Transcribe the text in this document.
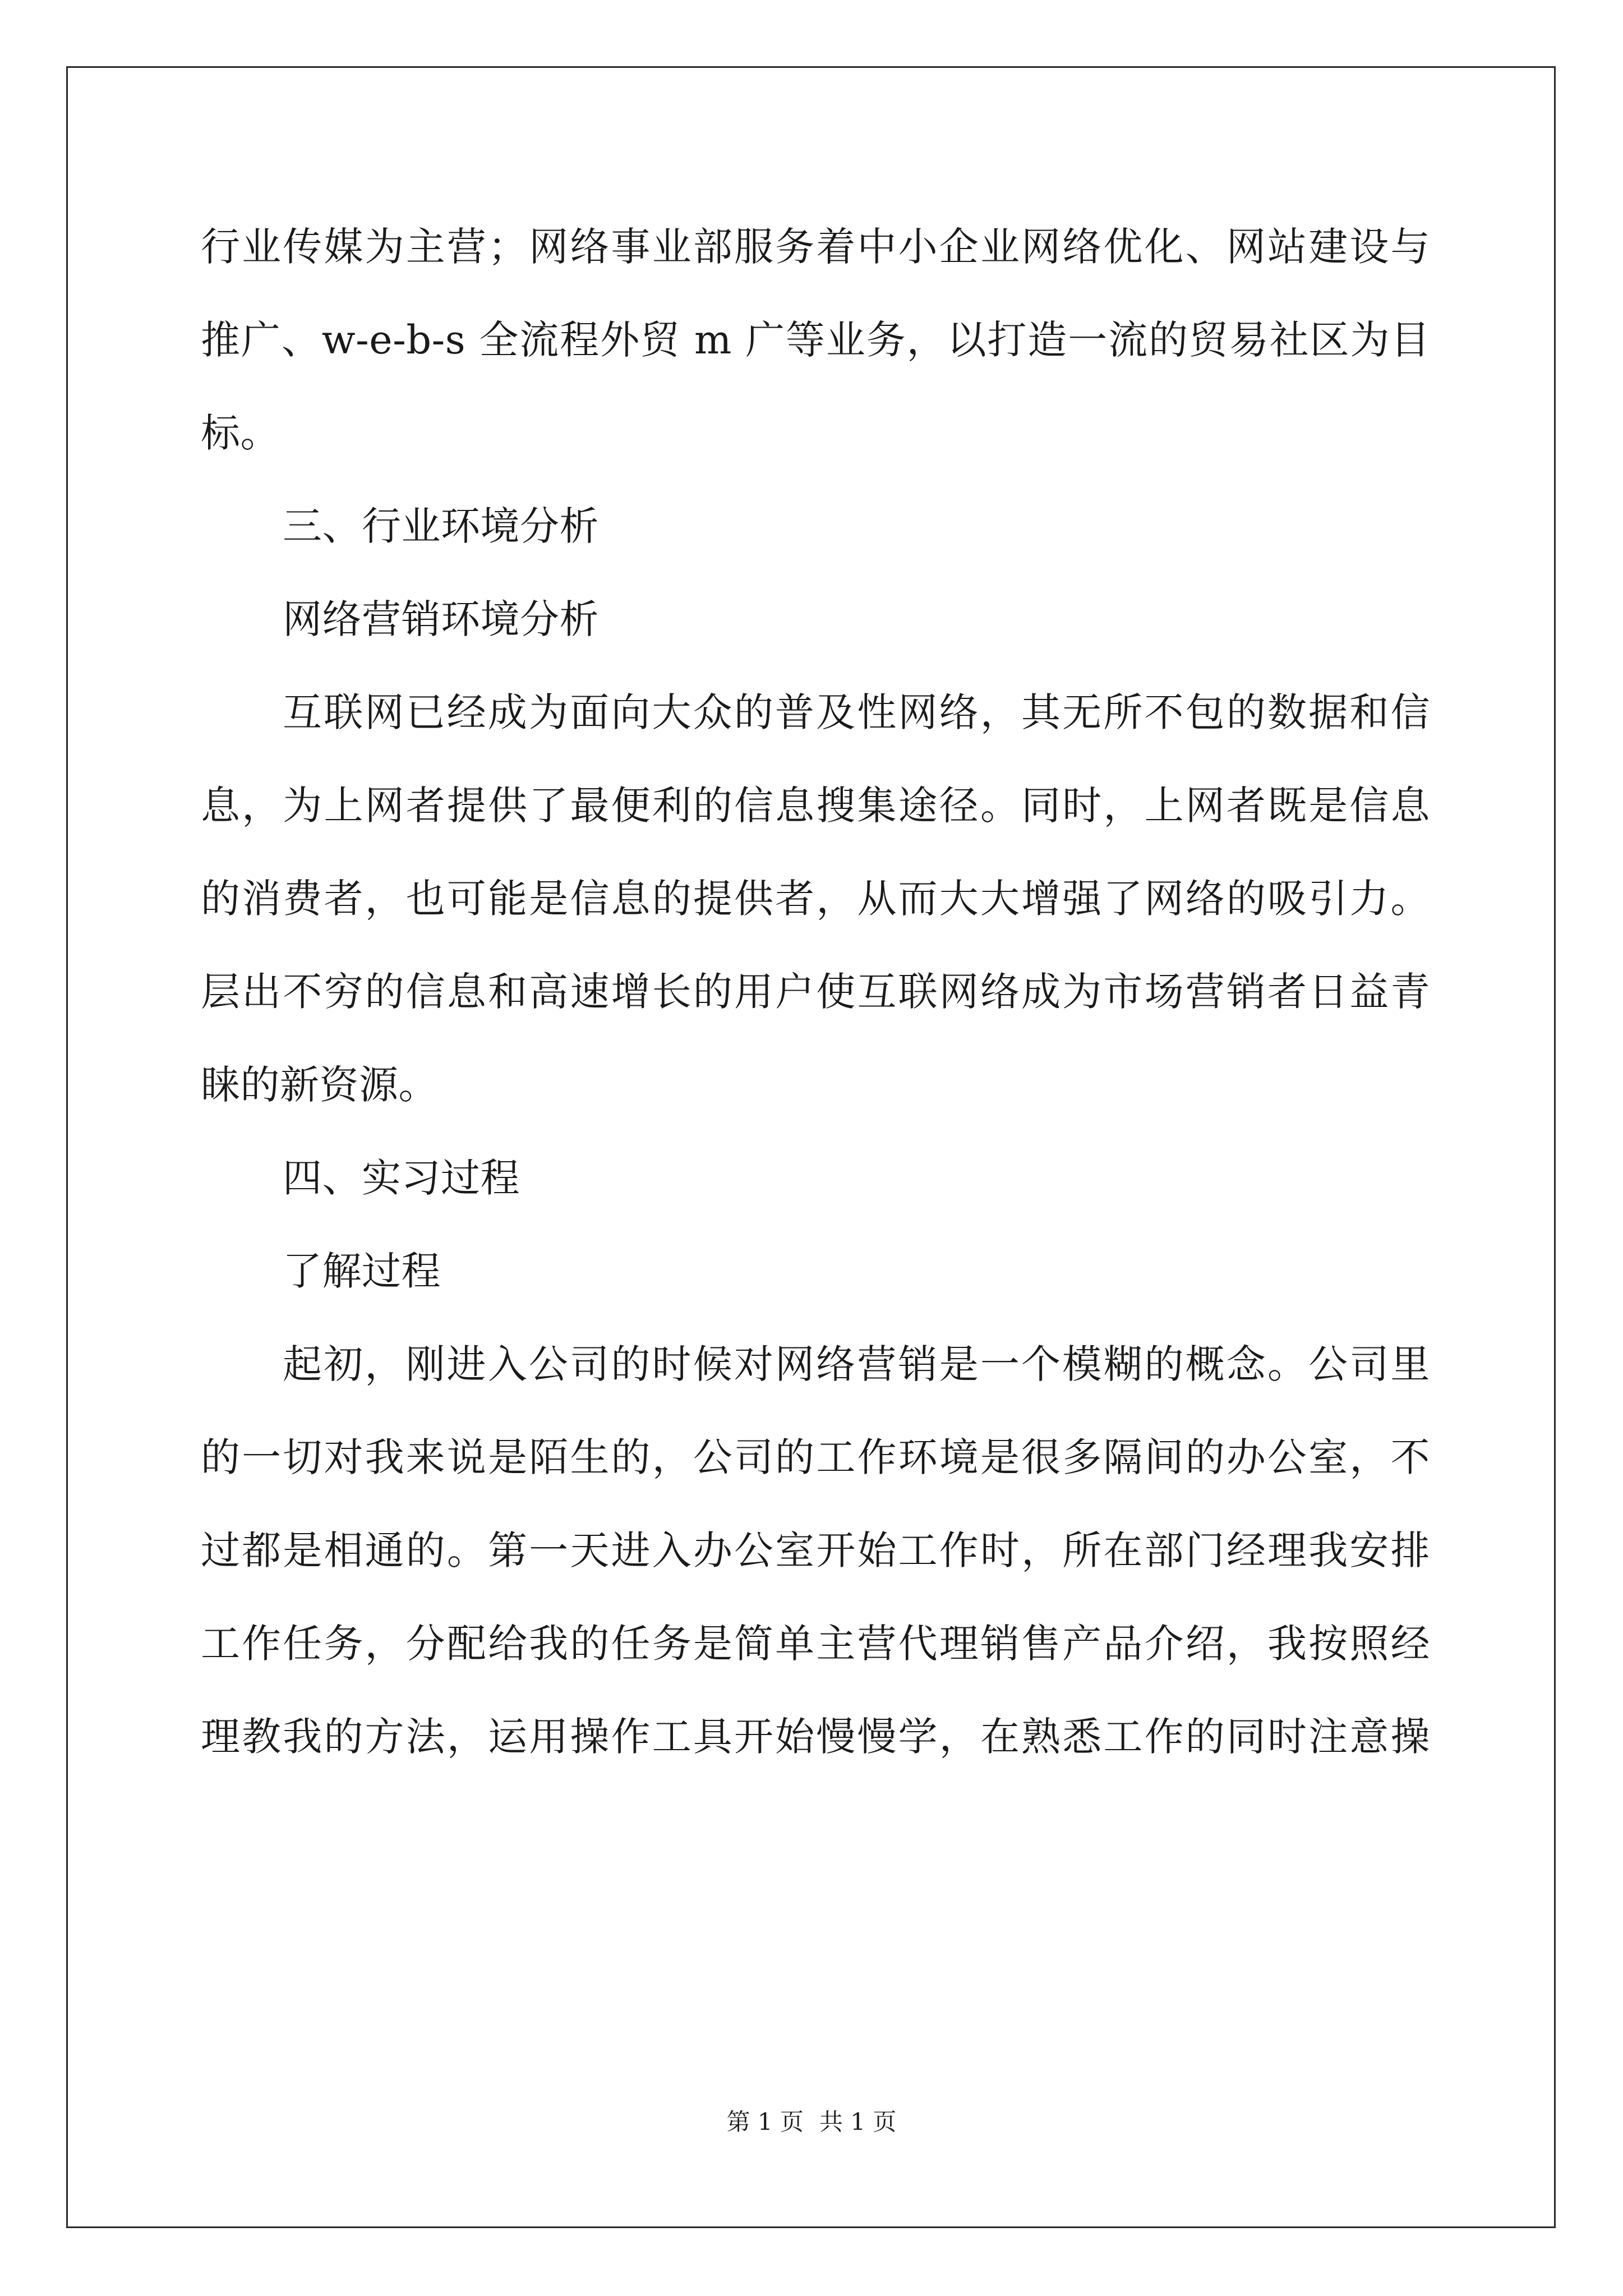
行业传媒为主营；网络事业部服务着中小企业网络优化、网站建设与
推广、w-e-b-s 全流程外贸 m 广等业务，以打造一流的贸易社区为目
标。
三、行业环境分析
网络营销环境分析
互联网已经成为面向大众的普及性网络，其无所不包的数据和信
息，为上网者提供了最便利的信息搜集途径。同时，上网者既是信息
的消费者，也可能是信息的提供者，从而大大增强了网络的吸引力。
层出不穷的信息和高速增长的用户使互联网络成为市场营销者日益青
睐的新资源。
四、实习过程
了解过程
起初，刚进入公司的时候对网络营销是一个模糊的概念。公司里
的一切对我来说是陌生的，公司的工作环境是很多隔间的办公室，不
过都是相通的。第一天进入办公室开始工作时，所在部门经理我安排
工作任务，分配给我的任务是简单主营代理销售产品介绍，我按照经
理教我的方法，运用操作工具开始慢慢学，在熟悉工作的同时注意操
第 1 页 共 1 页
